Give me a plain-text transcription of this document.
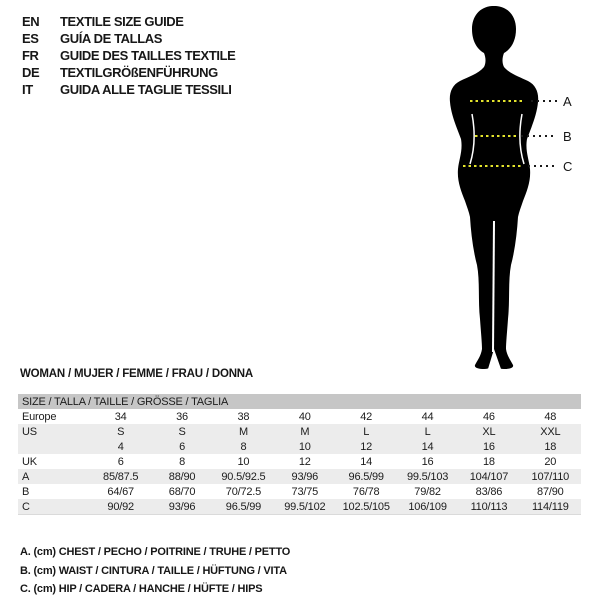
EN TEXTILE SIZE GUIDE
ES GUÍA DE TALLAS
FR GUIDE DES TAILLES TEXTILE
DE TEXTILGRÖßENFÜHRUNG
IT GUIDA ALLE TAGLIE TESSILI
A
B
C
WOMAN / MUJER / FEMME / FRAU / DONNA
SIZE / TALLA / TAILLE / GRÖSSE / TAGLIA								
Europe	34	36	38	40	42	44	46	48
US	S	S	M	M	L	L	XL	XXL
	4	6	8	10	12	14	16	18
UK	6	8	10	12	14	16	18	20
A	85/87.5	88/90	90.5/92.5	93/96	96.5/99	99.5/103	104/107	107/110
B	64/67	68/70	70/72.5	73/75	76/78	79/82	83/86	87/90
C	90/92	93/96	96.5/99	99.5/102	102.5/105	106/109	110/113	114/119
A. (cm) CHEST / PECHO / POITRINE / TRUHE / PETTO
B. (cm) WAIST / CINTURA / TAILLE / HÜFTUNG / VITA
C. (cm) HIP / CADERA / HANCHE / HÜFTE / HIPS
